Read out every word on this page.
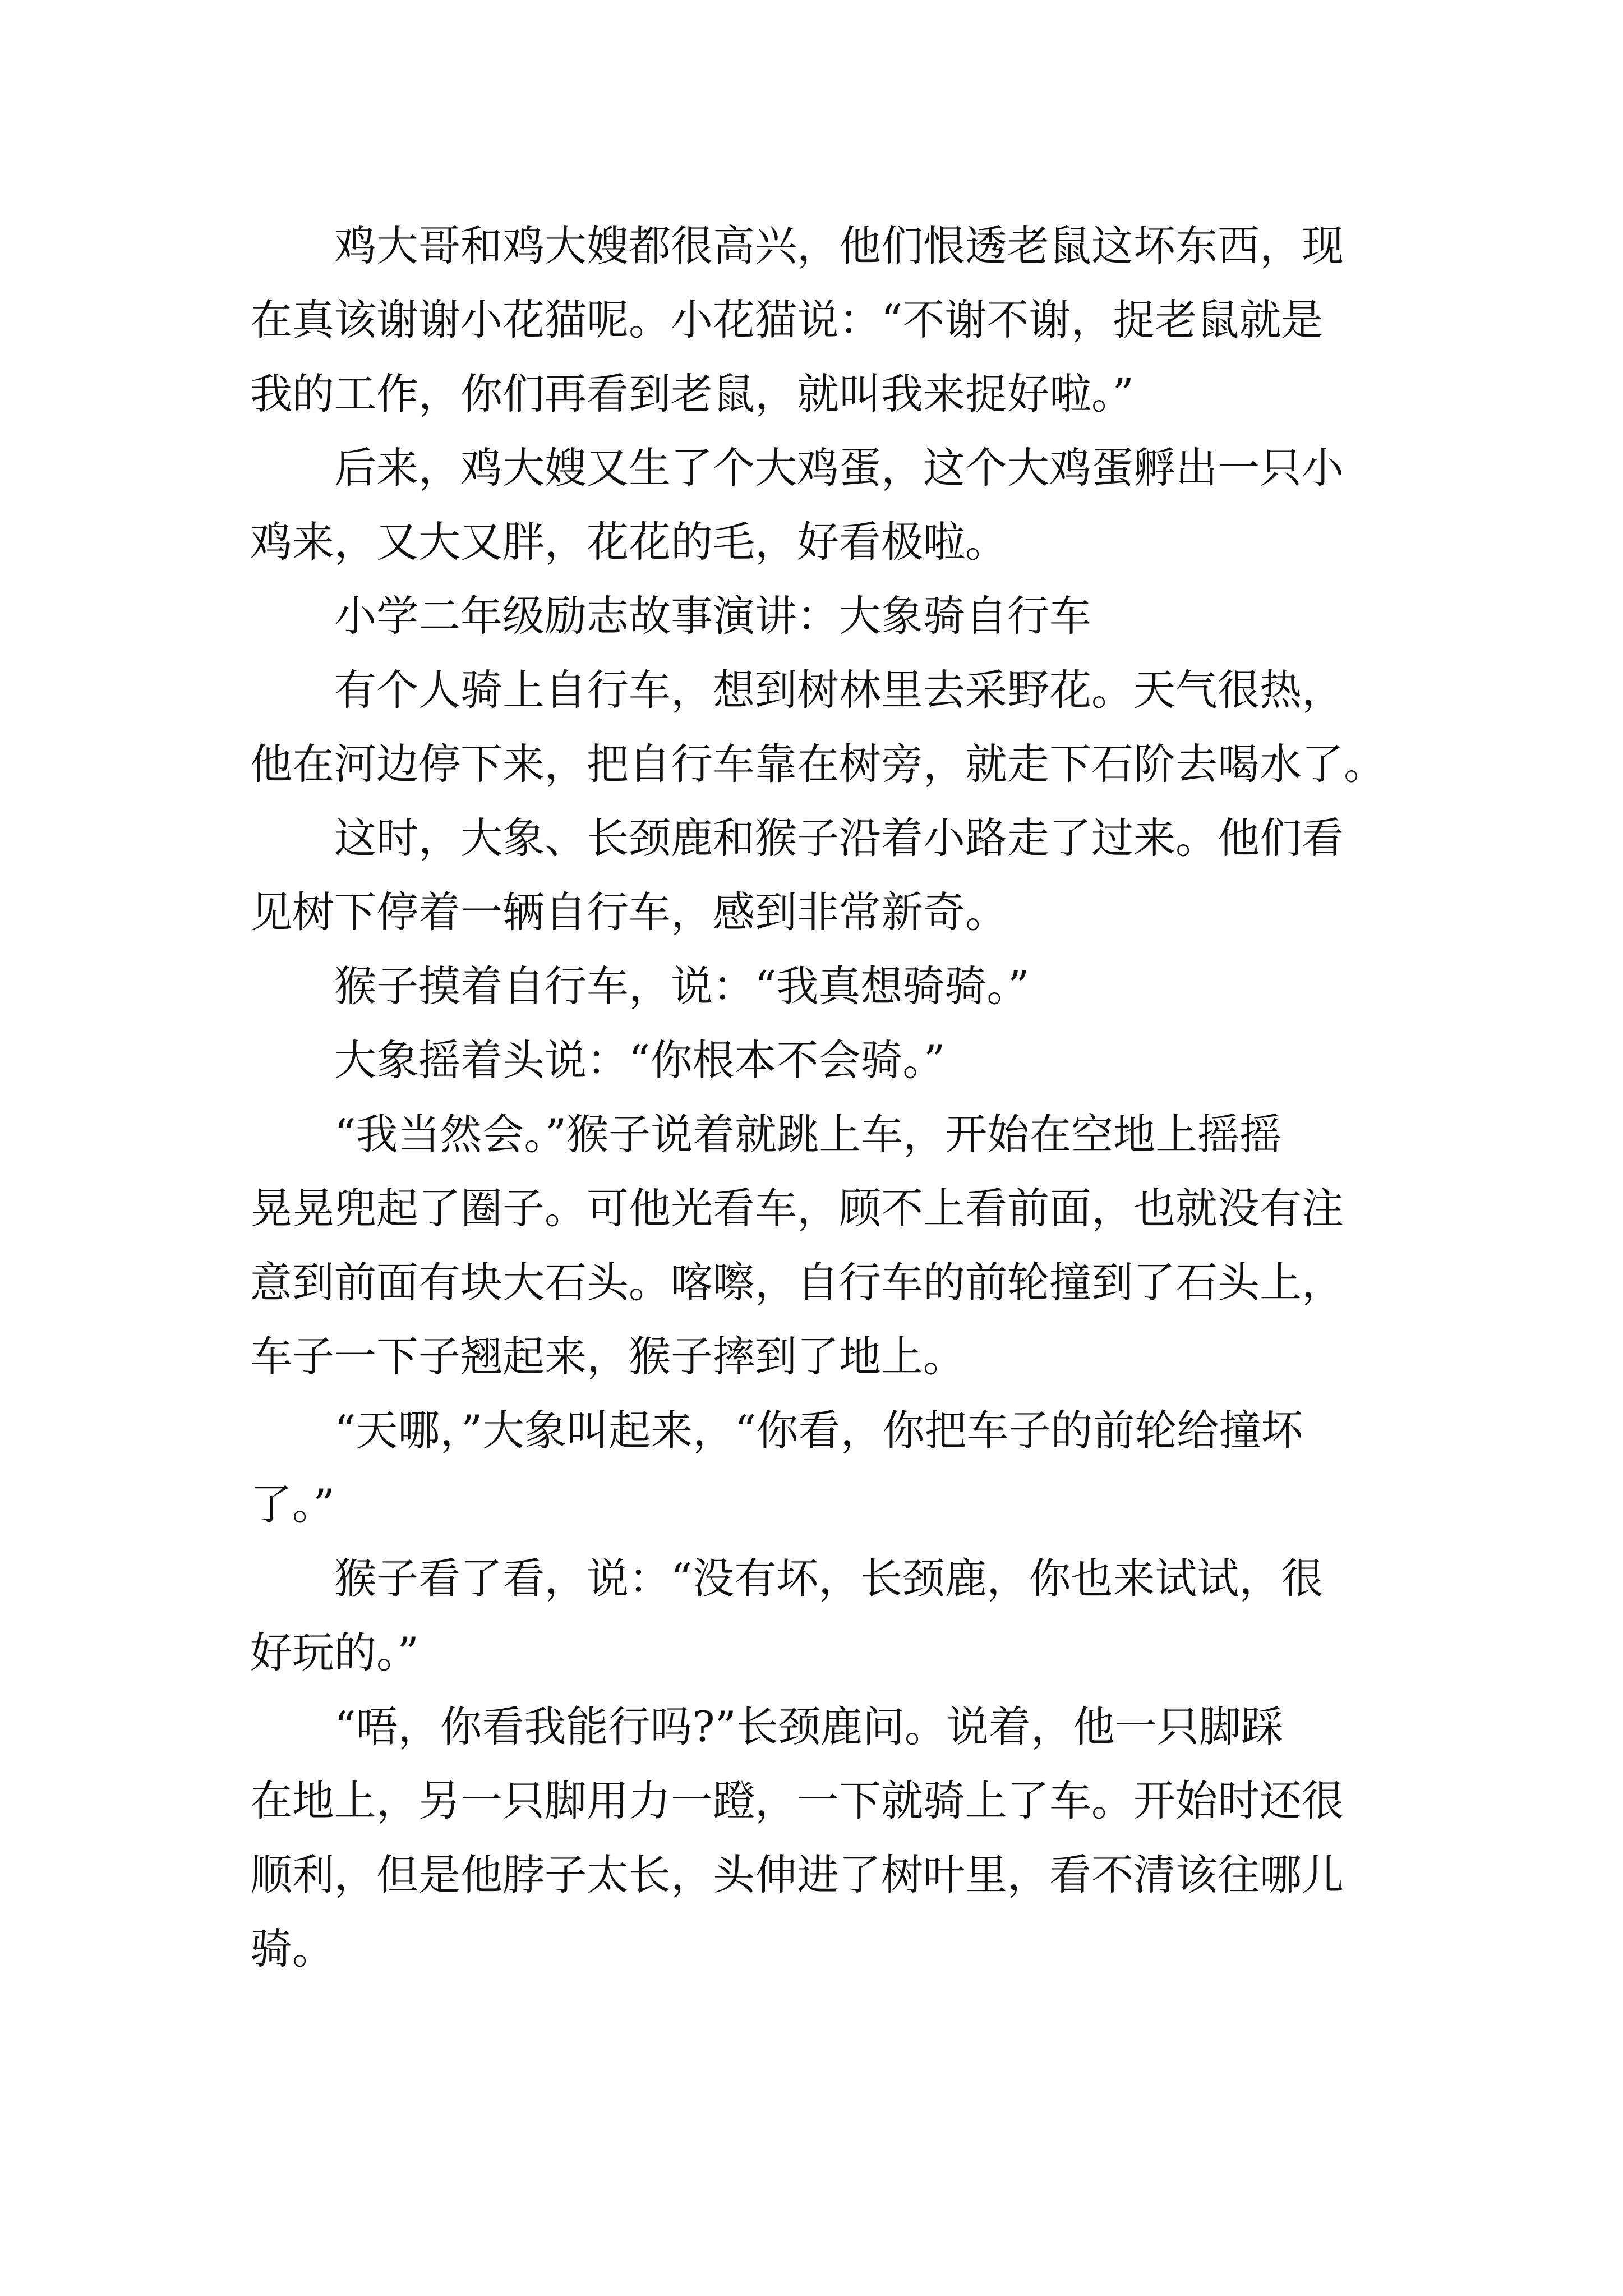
鸡大哥和鸡大嫂都很高兴，他们恨透老鼠这坏东西，现
在真该谢谢小花猫呢。小花猫说：“不谢不谢，捉老鼠就是
我的工作，你们再看到老鼠，就叫我来捉好啦。”
后来，鸡大嫂又生了个大鸡蛋，这个大鸡蛋孵出一只小
鸡来，又大又胖，花花的毛，好看极啦。
小学二年级励志故事演讲：大象骑自行车
有个人骑上自行车，想到树林里去采野花。天气很热，
他在河边停下来，把自行车靠在树旁，就走下石阶去喝水了。
这时，大象、长颈鹿和猴子沿着小路走了过来。他们看
见树下停着一辆自行车，感到非常新奇。
猴子摸着自行车，说：“我真想骑骑。”
大象摇着头说：“你根本不会骑。”
“我当然会。”猴子说着就跳上车，开始在空地上摇摇
晃晃兜起了圈子。可他光看车，顾不上看前面，也就没有注
意到前面有块大石头。喀嚓，自行车的前轮撞到了石头上，
车子一下子翘起来，猴子摔到了地上。
“天哪，”大象叫起来，“你看，你把车子的前轮给撞坏
了。”
猴子看了看，说：“没有坏，长颈鹿，你也来试试，很
好玩的。”
“唔，你看我能行吗?”长颈鹿问。说着，他一只脚踩
在地上，另一只脚用力一蹬，一下就骑上了车。开始时还很
顺利，但是他脖子太长，头伸进了树叶里，看不清该往哪儿
骑。
